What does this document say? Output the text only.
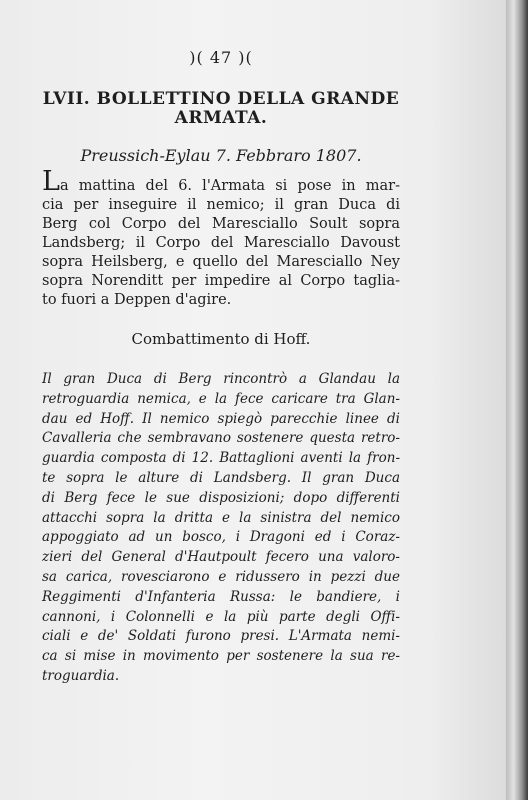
)( 47 )(
LVII. BOLLETTINO DELLA GRANDE
ARMATA.
Preussich-Eylau 7. Febbraro 1807.
La mattina del 6. l'Armata si pose in mar-
cia per inseguire il nemico; il gran Duca di
Berg col Corpo del Maresciallo Soult sopra
Landsberg; il Corpo del Maresciallo Davoust
sopra Heilsberg, e quello del Maresciallo Ney
sopra Norenditt per impedire al Corpo taglia-
to fuori a Deppen d'agire.
Combattimento di Hoff.
Il gran Duca di Berg rincontrò a Glandau la
retroguardia nemica, e la fece caricare tra Glan-
dau ed Hoff. Il nemico spiegò parecchie linee di
Cavalleria che sembravano sostenere questa retro-
guardia composta di 12. Battaglioni aventi la fron-
te sopra le alture di Landsberg. Il gran Duca
di Berg fece le sue disposizioni; dopo differenti
attacchi sopra la dritta e la sinistra del nemico
appoggiato ad un bosco, i Dragoni ed i Coraz-
zieri del General d'Hautpoult fecero una valoro-
sa carica, rovesciarono e ridussero in pezzi due
Reggimenti d'Infanteria Russa: le bandiere, i
cannoni, i Colonnelli e la più parte degli Offi-
ciali e de' Soldati furono presi. L'Armata nemi-
ca si mise in movimento per sostenere la sua re-
troguardia.
